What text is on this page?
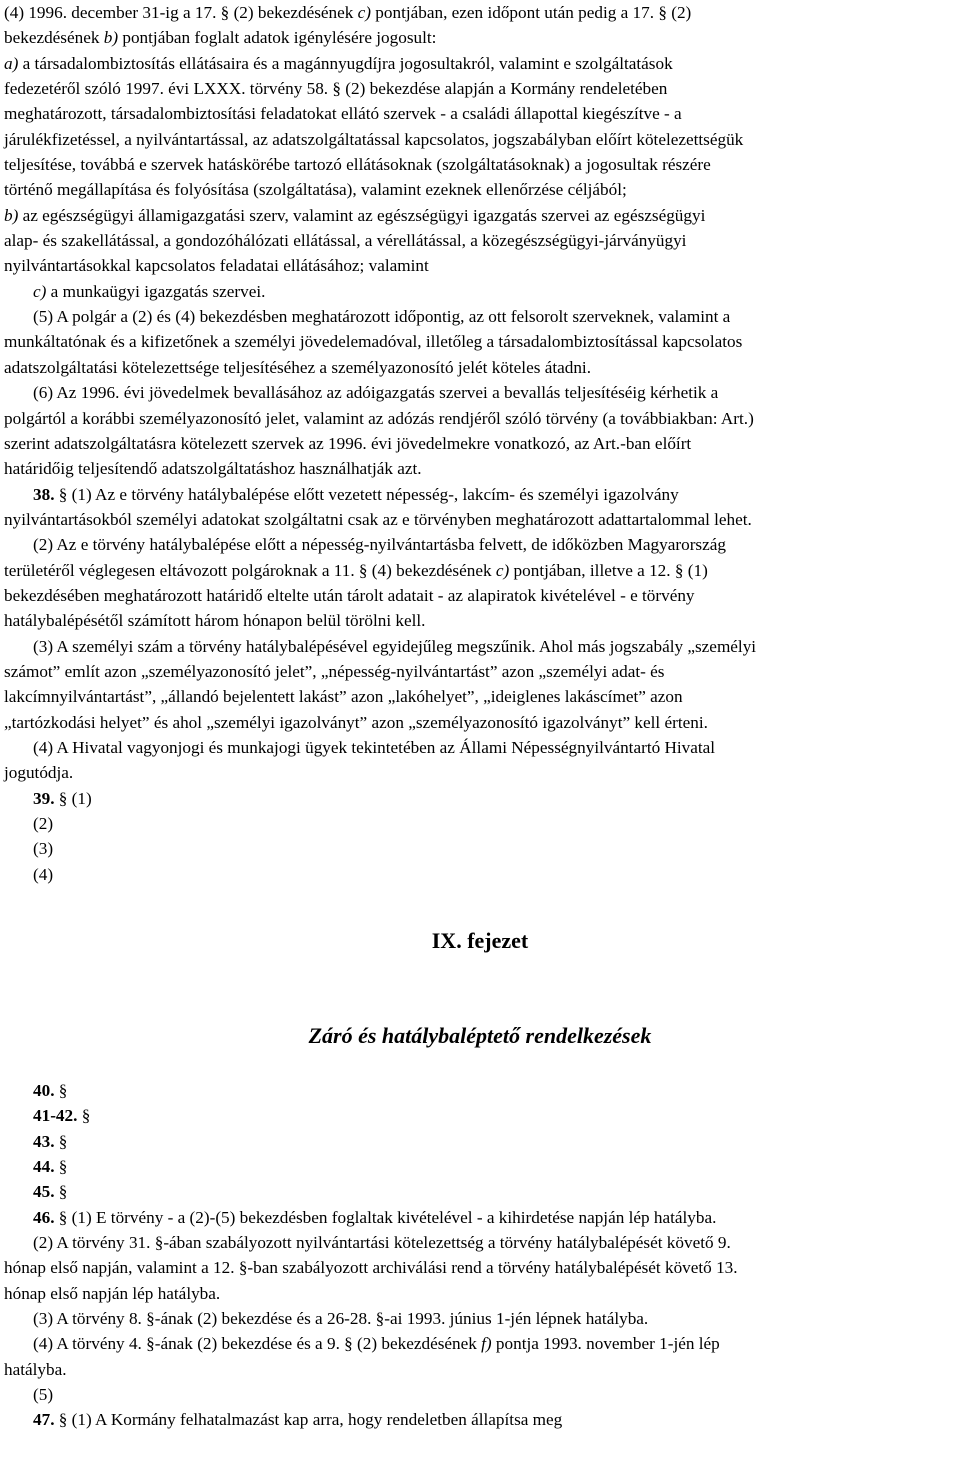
(4) 1996. december 31-ig a 17. § (2) bekezdésének c) pontjában, ezen időpont után pedig a 17. § (2)
bekezdésének b) pontjában foglalt adatok igénylésére jogosult:
a) a társadalombiztosítás ellátásaira és a magánnyugdíjra jogosultakról, valamint e szolgáltatások
fedezetéről szóló 1997. évi LXXX. törvény 58. § (2) bekezdése alapján a Kormány rendeletében
meghatározott, társadalombiztosítási feladatokat ellátó szervek - a családi állapottal kiegészítve - a
járulékfizetéssel, a nyilvántartással, az adatszolgáltatással kapcsolatos, jogszabályban előírt kötelezettségük
teljesítése, továbbá e szervek hatáskörébe tartozó ellátásoknak (szolgáltatásoknak) a jogosultak részére
történő megállapítása és folyósítása (szolgáltatása), valamint ezeknek ellenőrzése céljából;
b) az egészségügyi államigazgatási szerv, valamint az egészségügyi igazgatás szervei az egészségügyi
alap- és szakellátással, a gondozóhálózati ellátással, a vérellátással, a közegészségügyi-járványügyi
nyilvántartásokkal kapcsolatos feladatai ellátásához; valamint
c) a munkaügyi igazgatás szervei.
(5) A polgár a (2) és (4) bekezdésben meghatározott időpontig, az ott felsorolt szerveknek, valamint a
munkáltatónak és a kifizetőnek a személyi jövedelemadóval, illetőleg a társadalombiztosítással kapcsolatos
adatszolgáltatási kötelezettsége teljesítéséhez a személyazonosító jelét köteles átadni.
(6) Az 1996. évi jövedelmek bevallásához az adóigazgatás szervei a bevallás teljesítéséig kérhetik a
polgártól a korábbi személyazonosító jelet, valamint az adózás rendjéről szóló törvény (a továbbiakban: Art.)
szerint adatszolgáltatásra kötelezett szervek az 1996. évi jövedelmekre vonatkozó, az Art.-ban előírt
határidőig teljesítendő adatszolgáltatáshoz használhatják azt.
38. § (1) Az e törvény hatálybalépése előtt vezetett népesség-, lakcím- és személyi igazolvány
nyilvántartásokból személyi adatokat szolgáltatni csak az e törvényben meghatározott adattartalommal lehet.
(2) Az e törvény hatálybalépése előtt a népesség-nyilvántartásba felvett, de időközben Magyarország
területéről véglegesen eltávozott polgároknak a 11. § (4) bekezdésének c) pontjában, illetve a 12. § (1)
bekezdésében meghatározott határidő eltelte után tárolt adatait - az alapiratok kivételével - e törvény
hatálybalépésétől számított három hónapon belül törölni kell.
(3) A személyi szám a törvény hatálybalépésével egyidejűleg megszűnik. Ahol más jogszabály „személyi
számot” említ azon „személyazonosító jelet”, „népesség-nyilvántartást” azon „személyi adat- és
lakcímnyilvántartást”, „állandó bejelentett lakást” azon „lakóhelyet”, „ideiglenes lakáscímet” azon
„tartózkodási helyet” és ahol „személyi igazolványt” azon „személyazonosító igazolványt” kell érteni.
(4) A Hivatal vagyonjogi és munkajogi ügyek tekintetében az Állami Népességnyilvántartó Hivatal
jogutódja.
39. § (1)
(2)
(3)
(4)
IX. fejezet
Záró és hatálybaléptető rendelkezések
40. §
41-42. §
43. §
44. §
45. §
46. § (1) E törvény - a (2)-(5) bekezdésben foglaltak kivételével - a kihirdetése napján lép hatályba.
(2) A törvény 31. §-ában szabályozott nyilvántartási kötelezettség a törvény hatálybalépését követő 9.
hónap első napján, valamint a 12. §-ban szabályozott archiválási rend a törvény hatálybalépését követő 13.
hónap első napján lép hatályba.
(3) A törvény 8. §-ának (2) bekezdése és a 26-28. §-ai 1993. június 1-jén lépnek hatályba.
(4) A törvény 4. §-ának (2) bekezdése és a 9. § (2) bekezdésének f) pontja 1993. november 1-jén lép
hatályba.
(5)
47. § (1) A Kormány felhatalmazást kap arra, hogy rendeletben állapítsa meg
